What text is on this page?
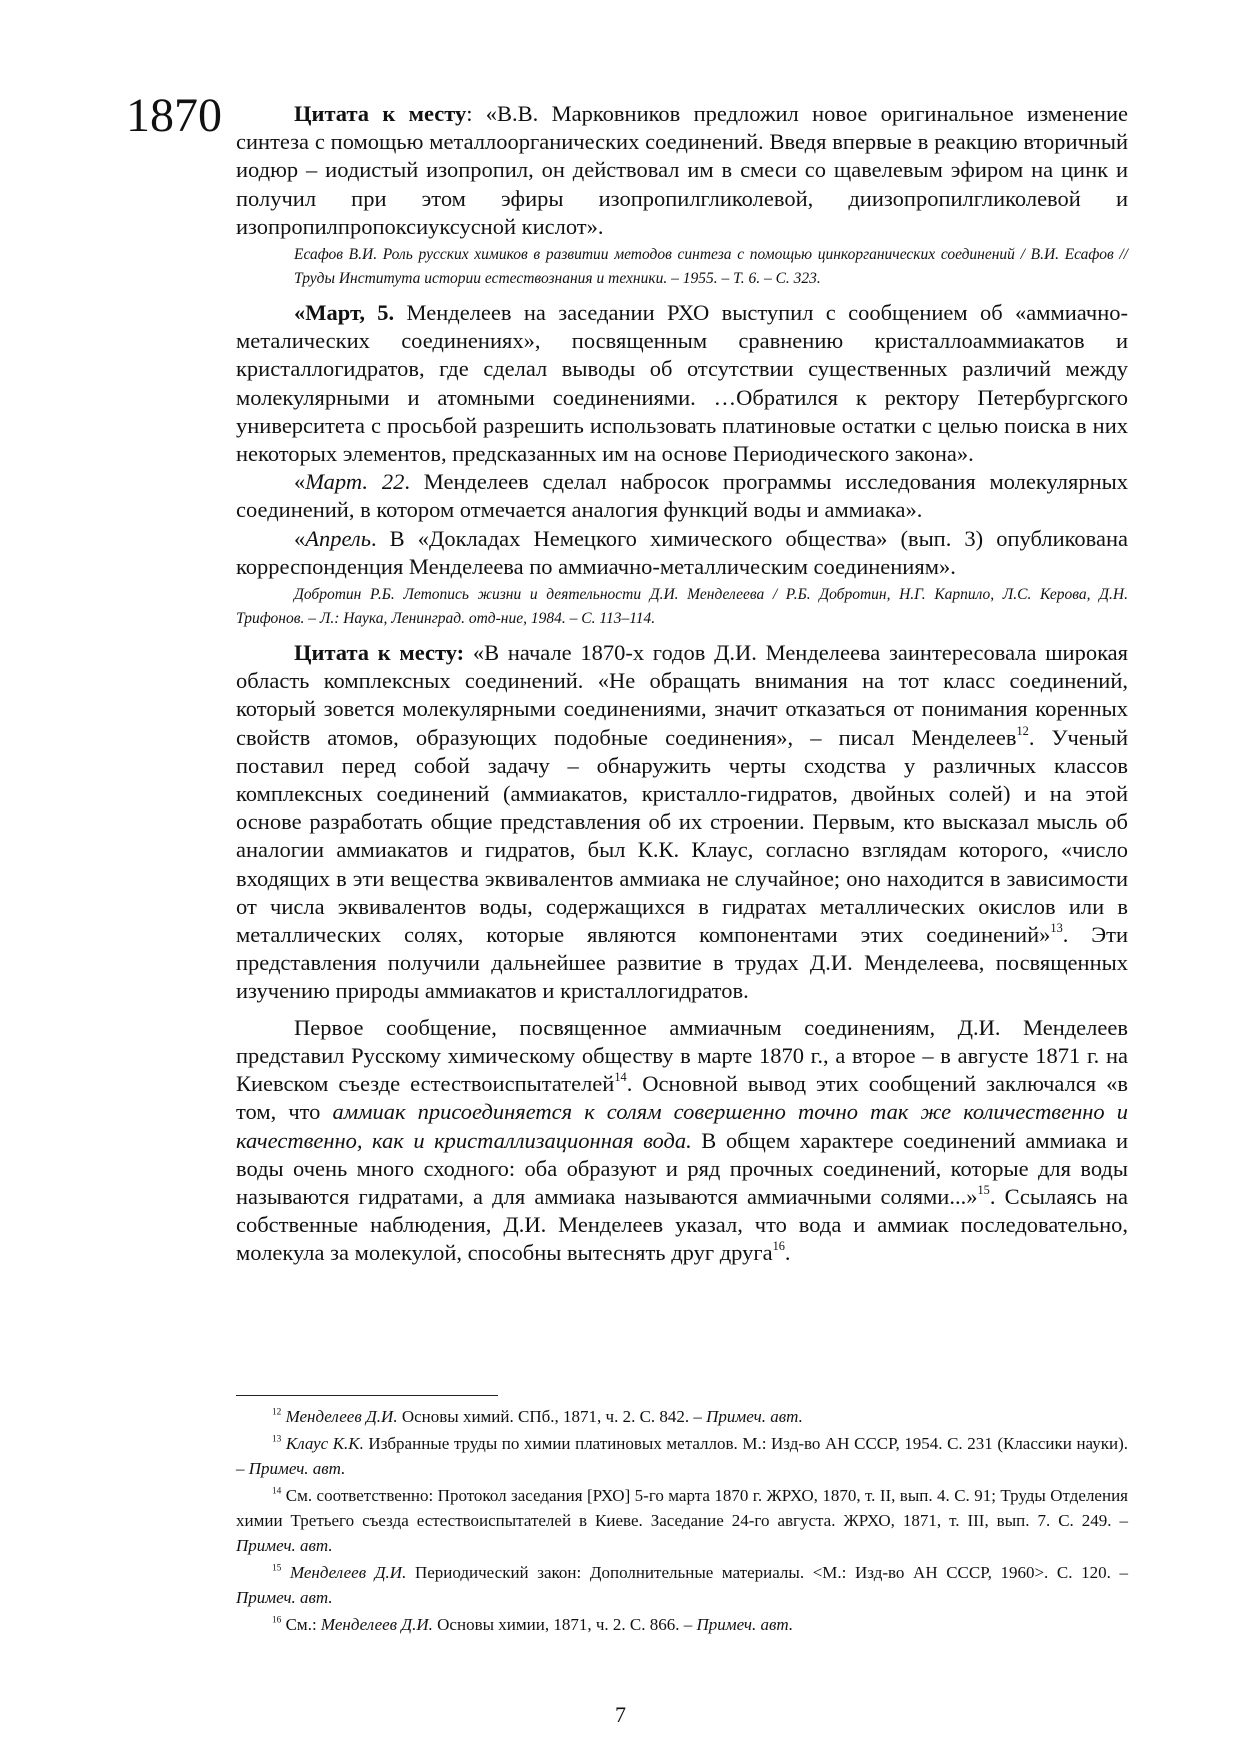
1870	Цитата к месту: «В.В. Марковников предложил новое оригинальное изменение синтеза с помощью металлоорганических соединений. Введя впервые в реакцию вторичный иодюр – иодистый изопропил, он действовал им в смеси со щавелевым эфиром на цинк и получил при этом эфиры изопропилгликолевой, диизопропилгликолевой и изопропилпропоксиуксусной кислот».

Есафов В.И. Роль русских химиков в развитии методов синтеза с помощью цинкорганических соединений / В.И. Есафов // Труды Института истории естествознания и техники. – 1955. – Т. 6. – С. 323.

«Март, 5. Менделеев на заседании РХО выступил с сообщением об «аммиачно-металических соединениях», посвященным сравнению кристаллоаммиакатов и кристаллогидратов, где сделал выводы об отсутствии существенных различий между молекулярными и атомными соединениями. …Обратился к ректору Петербургского университета с просьбой разрешить использовать платиновые остатки с целью поиска в них некоторых элементов, предсказанных им на основе Периодического закона».

«Март. 22. Менделеев сделал набросок программы исследования молекулярных соединений, в котором отмечается аналогия функций воды и аммиака».

«Апрель. В «Докладах Немецкого химического общества» (вып. 3) опубликована корреспонденция Менделеева по аммиачно-металлическим соединениям».

Добротин Р.Б. Летопись жизни и деятельности Д.И. Менделеева / Р.Б. Добротин, Н.Г. Карпило, Л.С. Керова, Д.Н. Трифонов. – Л.: Наука, Ленинград. отд-ние, 1984. – С. 113–114.

Цитата к месту: «В начале 1870-х годов Д.И. Менделеева заинтересовала широкая область комплексных соединений. «Не обращать внимания на тот класс соединений, который зовется молекулярными соединениями, значит отказаться от понимания коренных свойств атомов, образующих подобные соединения», – писал Менделеев$^{12}$. Ученый поставил перед собой задачу – обнаружить черты сходства у различных классов комплексных соединений (аммиакатов, кристалло-гидратов, двойных солей) и на этой основе разработать общие представления об их строении. Первым, кто высказал мысль об аналогии аммиакатов и гидратов, был К.К. Клаус, согласно взглядам которого, «число входящих в эти вещества эквивалентов аммиака не случайное; оно находится в зависимости от числа эквивалентов воды, содержащихся в гидратах металлических окислов или в металлических солях, которые являются компонентами этих соединений»$^{13}$. Эти представления получили дальнейшее развитие в трудах Д.И. Менделеева, посвященных изучению природы аммиакатов и кристаллогидратов.

Первое сообщение, посвященное аммиачным соединениям, Д.И. Менделеев представил Русскому химическому обществу в марте 1870 г., а второе – в августе 1871 г. на Киевском съезде естествоиспытателей$^{14}$. Основной вывод этих сообщений заключался «в том, что аммиак присоединяется к солям совершенно точно так же количественно и качественно, как и кристаллизационная вода. В общем характере соединений аммиака и воды очень много сходного: оба образуют и ряд прочных соединений, которые для воды называются гидратами, а для аммиака называются аммиачными солями...»$^{15}$. Ссылаясь на собственные наблюдения, Д.И. Менделеев указал, что вода и аммиак последовательно, молекула за молекулой, способны вытеснять друг друга$^{16}$.

$^{12}$ Менделеев Д.И. Основы химий. СПб., 1871, ч. 2. С. 842. – Примеч. авт.

$^{13}$ Клаус К.К. Избранные труды по химии платиновых металлов. М.: Изд-во АН СССР, 1954. С. 231 (Классики науки). – Примеч. авт.

$^{14}$ См. соответственно: Протокол заседания [РХО] 5-го марта 1870 г. ЖРХО, 1870, т. II, вып. 4. С. 91; Труды Отделения химии Третьего съезда естествоиспытателей в Киеве. Заседание 24-го августа. ЖРХО, 1871, т. III, вып. 7. С. 249. – Примеч. авт.

$^{15}$ Менделеев Д.И. Периодический закон: Дополнительные материалы. <М.: Изд-во АН СССР, 1960>. С. 120. – Примеч. авт.

$^{16}$ См.: Менделеев Д.И. Основы химии, 1871, ч. 2. С. 866. – Примеч. авт.

7
